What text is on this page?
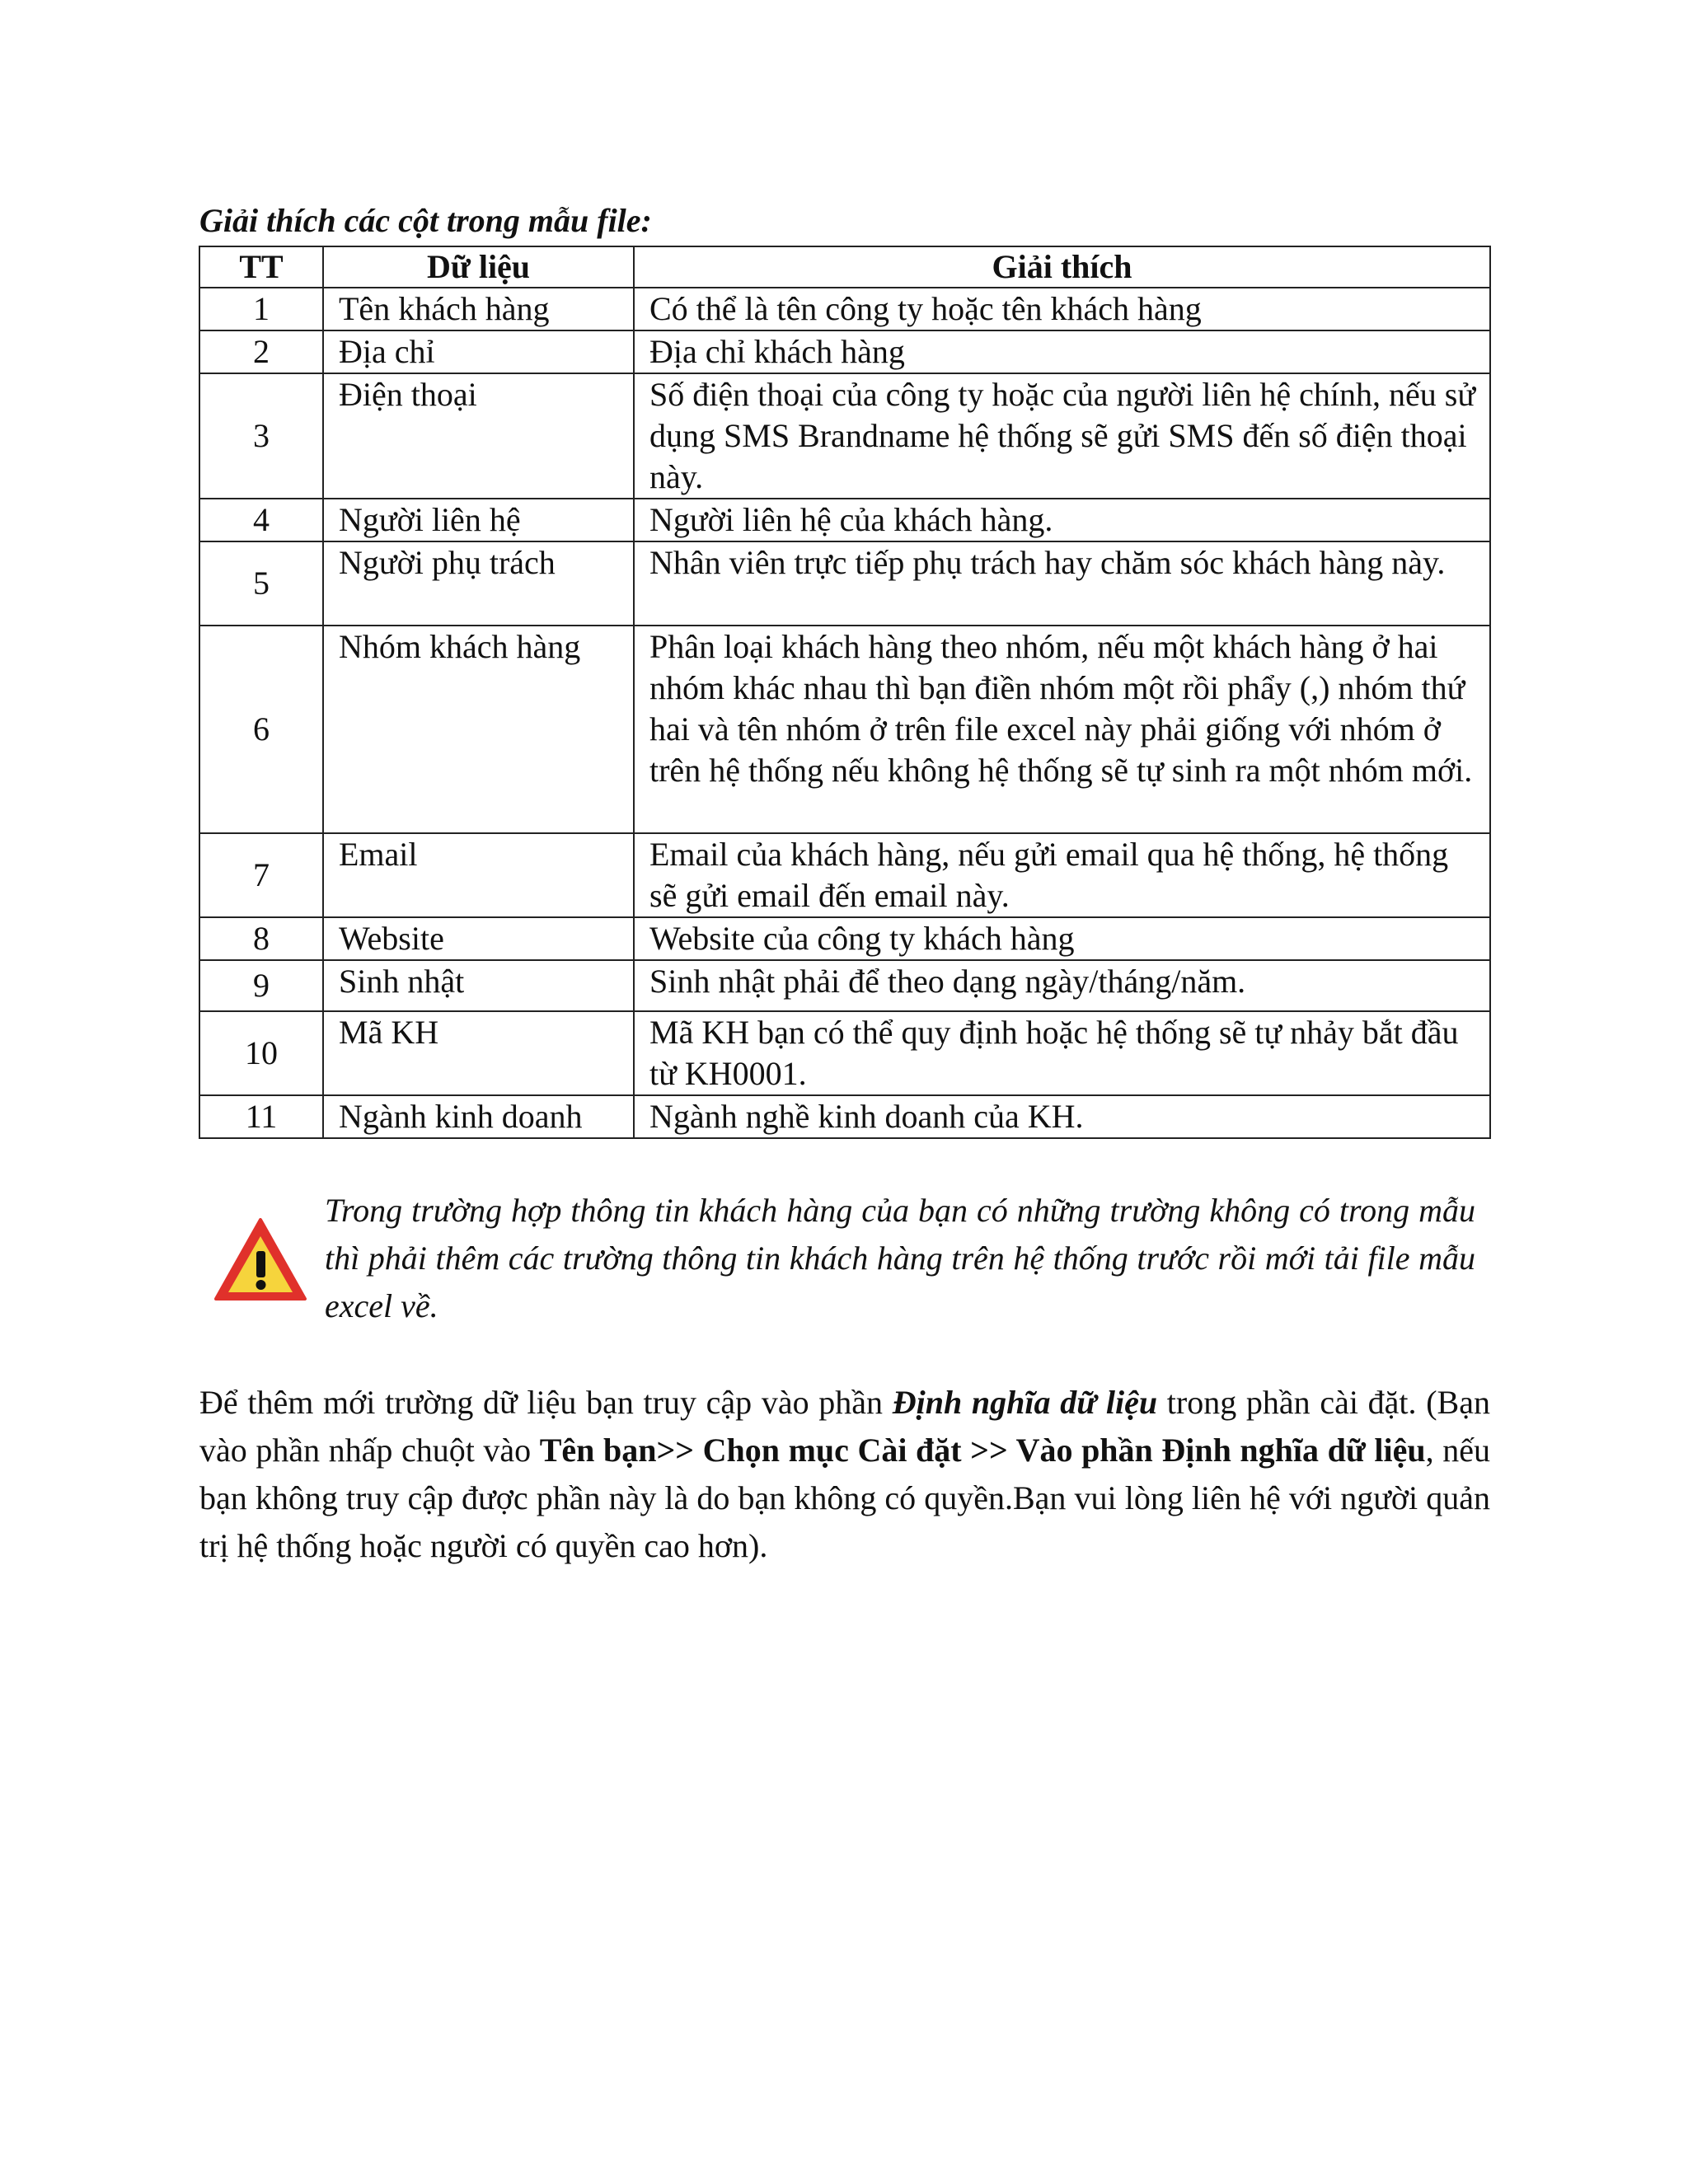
Giải thích các cột trong mẫu file:
TT	Dữ liệu	Giải thích
1	Tên khách hàng	Có thể là tên công ty hoặc tên khách hàng
2	Địa chỉ	Địa chỉ khách hàng
3	Điện thoại	Số điện thoại của công ty hoặc của người liên hệ chính, nếu sử dụng SMS Brandname hệ thống sẽ gửi SMS đến số điện thoại này.
4	Người liên hệ	Người liên hệ của khách hàng.
5	Người phụ trách	Nhân viên trực tiếp phụ trách hay chăm sóc khách hàng này.
6	Nhóm khách hàng	Phân loại khách hàng theo nhóm, nếu một khách hàng ở hai nhóm khác nhau thì bạn điền nhóm một rồi phẩy (,) nhóm thứ hai và tên nhóm ở trên file excel này phải giống với nhóm ở trên hệ thống nếu không hệ thống sẽ tự sinh ra một nhóm mới.
7	Email	Email của khách hàng, nếu gửi email qua hệ thống, hệ thống sẽ gửi email đến email này.
8	Website	Website của công ty khách hàng
9	Sinh nhật	Sinh nhật phải để theo dạng ngày/tháng/năm.
10	Mã KH	Mã KH bạn có thể quy định hoặc hệ thống sẽ tự nhảy bắt đầu từ KH0001.
11	Ngành kinh doanh	Ngành nghề kinh doanh của KH.
Trong trường hợp thông tin khách hàng của bạn có những trường không có trong mẫu thì phải thêm các trường thông tin khách hàng trên hệ thống trước rồi mới tải file mẫu excel về.
Để thêm mới trường dữ liệu bạn truy cập vào phần Định nghĩa dữ liệu trong phần cài đặt. (Bạn vào phần nhấp chuột vào Tên bạn>> Chọn mục Cài đặt >> Vào phần Định nghĩa dữ liệu, nếu bạn không truy cập được phần này là do bạn không có quyền.Bạn vui lòng liên hệ với người quản trị hệ thống hoặc người có quyền cao hơn).
